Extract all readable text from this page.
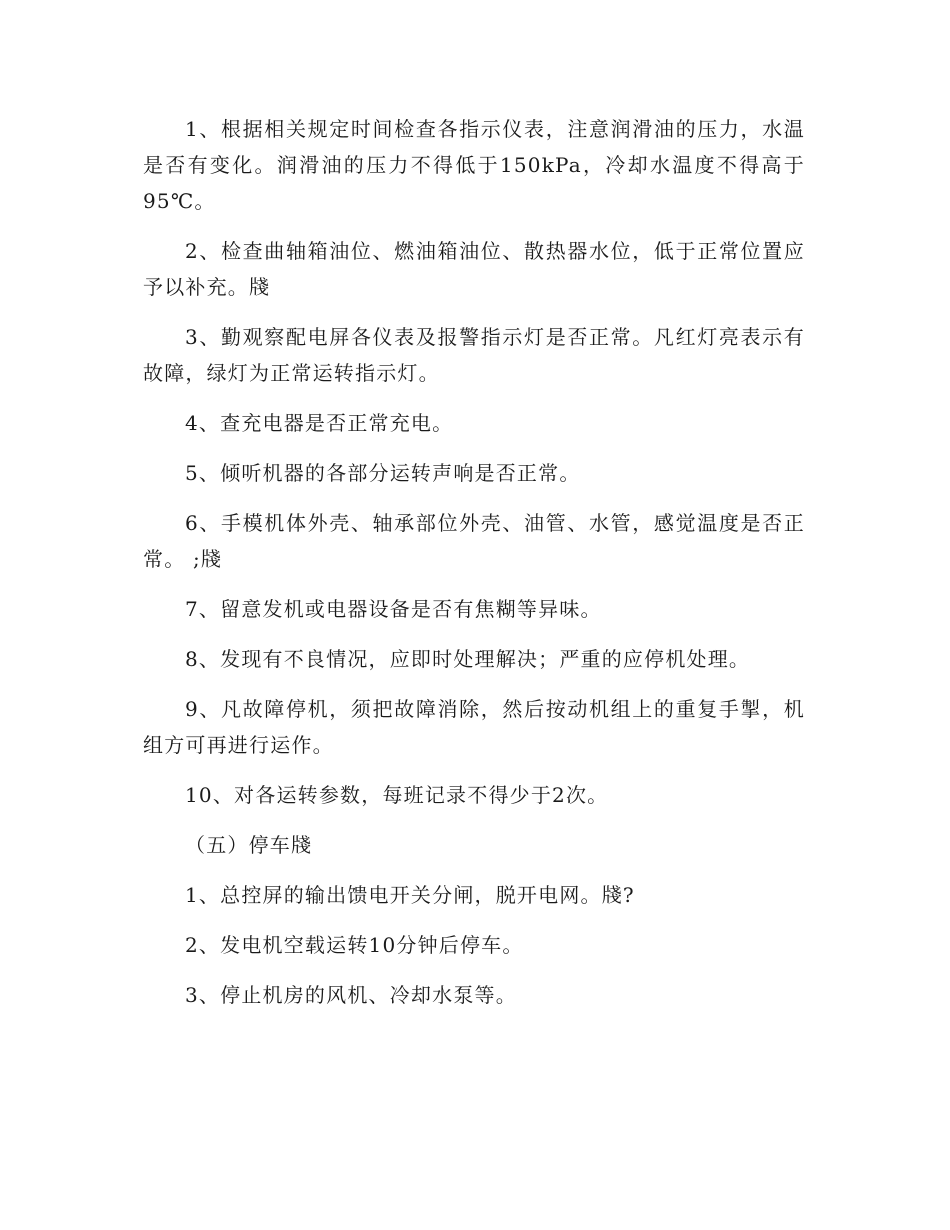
1、根据相关规定时间检查各指示仪表，注意润滑油的压力，水温是否有变化。润滑油的压力不得低于150kPa，冷却水温度不得高于95℃。

2、检查曲轴箱油位、燃油箱油位、散热器水位，低于正常位置应予以补充。牋

3、勤观察配电屏各仪表及报警指示灯是否正常。凡红灯亮表示有故障，绿灯为正常运转指示灯。

4、查充电器是否正常充电。

5、倾听机器的各部分运转声响是否正常。

6、手模机体外壳、轴承部位外壳、油管、水管，感觉温度是否正常。 ;牋

7、留意发机或电器设备是否有焦糊等异味。

8、发现有不良情况，应即时处理解决；严重的应停机处理。

9、凡故障停机，须把故障消除，然后按动机组上的重复手掣，机组方可再进行运作。

10、对各运转参数，每班记录不得少于2次。

（五）停车牋

1、总控屏的输出馈电开关分闸，脱开电网。牋?

2、发电机空载运转10分钟后停车。

3、停止机房的风机、冷却水泵等。
